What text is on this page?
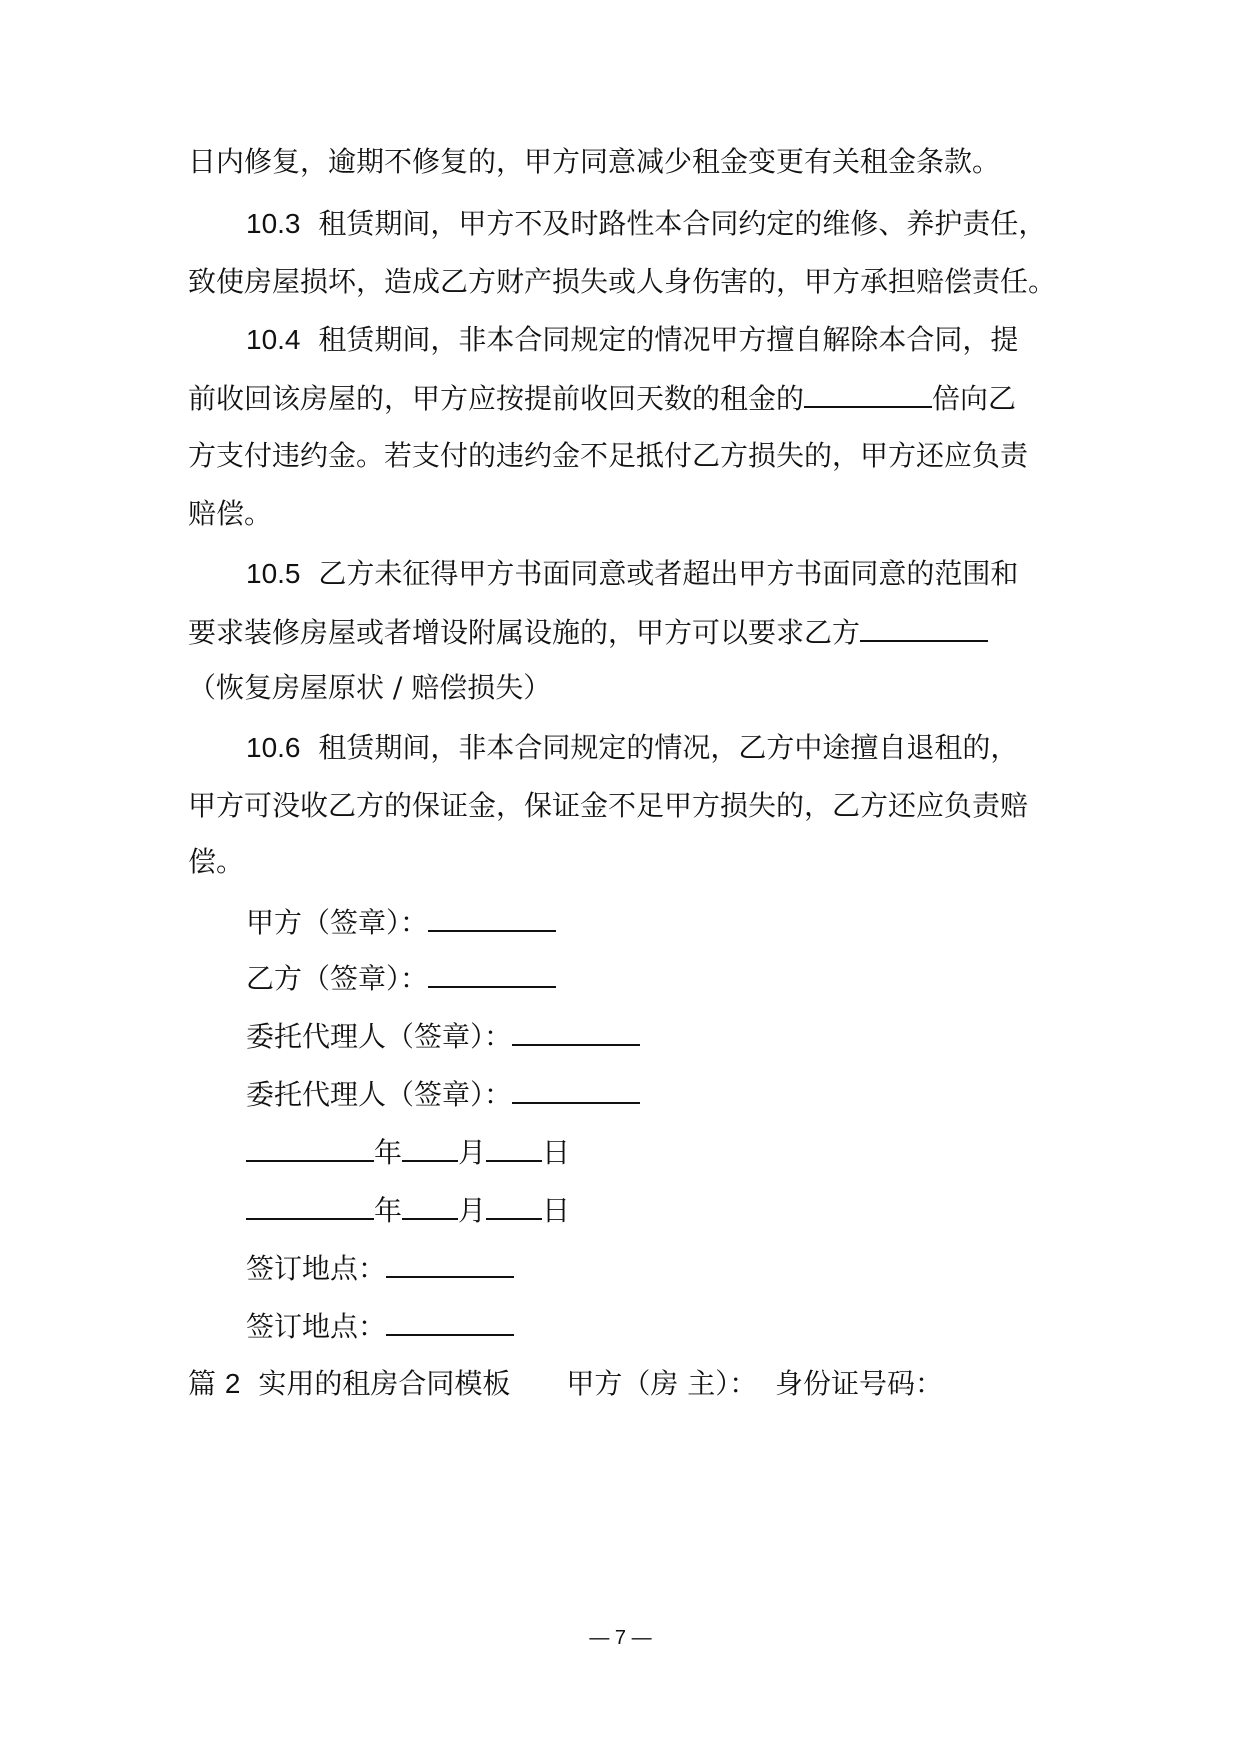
日内修复，逾期不修复的，甲方同意减少租金变更有关租金条款。
10.3 租赁期间，甲方不及时路性本合同约定的维修、养护责任，
致使房屋损坏，造成乙方财产损失或人身伤害的，甲方承担赔偿责任。
10.4 租赁期间，非本合同规定的情况甲方擅自解除本合同，提
前收回该房屋的，甲方应按提前收回天数的租金的	倍向乙
方支付违约金。若支付的违约金不足抵付乙方损失的，甲方还应负责
赔偿。
10.5 乙方未征得甲方书面同意或者超出甲方书面同意的范围和
要求装修房屋或者增设附属设施的，甲方可以要求乙方
（恢复房屋原状 / 赔偿损失）
10.6 租赁期间，非本合同规定的情况，乙方中途擅自退租的，
甲方可没收乙方的保证金，保证金不足甲方损失的，乙方还应负责赔
偿。
甲方（签章）：
乙方（签章）：
委托代理人（签章）：
委托代理人（签章）：
年 月 日
年 月 日
签订地点：
签订地点：
篇 2 实用的租房合同模板 甲方（房 主）： 身份证号码：
— 7 —
